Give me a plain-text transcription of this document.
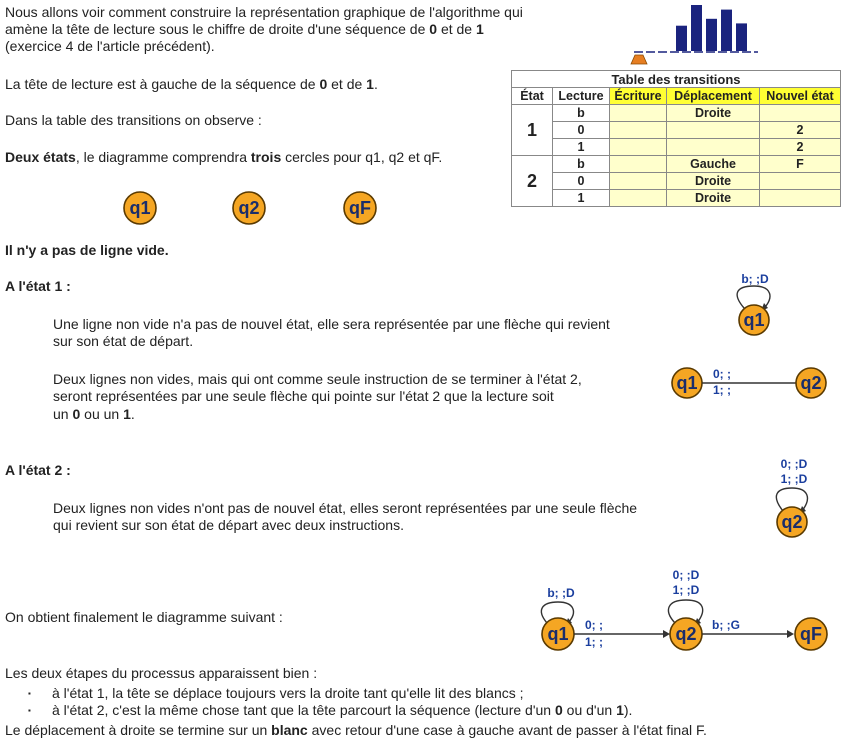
Nous allons voir comment construire la représentation graphique de l'algorithme qui
amène la tête de lecture sous le chiffre de droite d'une séquence de 0 et de 1
(exercice 4 de l'article précédent).
La tête de lecture est à gauche de la séquence de 0 et de 1.
Dans la table des transitions on observe :
Deux états, le diagramme comprendra trois cercles pour q1, q2 et qF.
q1	q2	qF
Table des transitions				
État	Lecture	Écriture	Déplacement	Nouvel état
1	b		Droite	
	0			2
	1			2
2	b		Gauche	F
	0		Droite	
	1		Droite	
Il n'y a pas de ligne vide.
A l'état 1 :
Une ligne non vide n'a pas de nouvel état, elle sera représentée par une flèche qui revient
sur son état de départ.
Deux lignes non vides, mais qui ont comme seule instruction de se terminer à l'état 2,
seront représentées par une seule flèche qui pointe sur l'état 2 que la lecture soit
un 0 ou un 1.
b; ;D
q1
q1 0; ;
1; ;	q2
A l'état 2 :
Deux lignes non vides n'ont pas de nouvel état, elles seront représentées par une seule flèche
qui revient sur son état de départ avec deux instructions.
0; ;D
1; ;D
q2
On obtient finalement le diagramme suivant :
b; ;D
q1 0; ;
1; ;
0; ;D
1; ;D
q2 b; ;G	qF
Les deux étapes du processus apparaissent bien :
▪ à l'état 1, la tête se déplace toujours vers la droite tant qu'elle lit des blancs ;
▪ à l'état 2, c'est la même chose tant que la tête parcourt la séquence (lecture d'un 0 ou d'un 1).
Le déplacement à droite se termine sur un blanc avec retour d'une case à gauche avant de passer à l'état final F.
